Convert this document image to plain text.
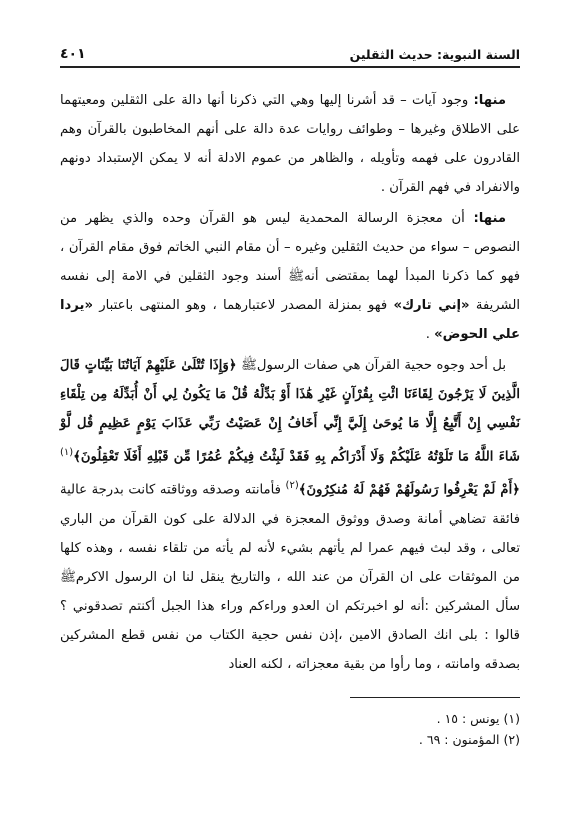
السنة النبوية: حديث الثقلين
٤٠١

منها: وجود آيات – قد أشرنا إليها وهي التي ذكرنا أنها دالة على الثقلين ومعيتهما على الاطلاق وغيرها – وطوائف روايات عدة دالة على أنهم المخاطبون بالقرآن وهم القادرون على فهمه وتأويله ، والظاهر من عموم الادلة أنه لا يمكن الإستبداد دونهم والانفراد في فهم القرآن .

منها: أن معجزة الرسالة المحمدية ليس هو القرآن وحده والذي يظهر من النصوص – سواء من حديث الثقلين وغيره – أن مقام النبي الخاتم فوق مقام القرآن ، فهو كما ذكرنا المبدأ لهما بمقتضى أنهﷺ أسند وجود الثقلين في الامة إلى نفسه الشريفة «إني تارك» فهو بمنزلة المصدر لاعتبارهما ، وهو المنتهى باعتبار «يردا علي الحوض» .

بل أحد وجوه حجية القرآن هي صفات الرسولﷺ ﴿وَإِذَا تُتْلَىٰ عَلَيْهِمْ آيَاتُنَا بَيِّنَاتٍ قَالَ الَّذِينَ لَا يَرْجُونَ لِقَاءَنَا ائْتِ بِقُرْآنٍ غَيْرِ هَٰذَا أَوْ بَدِّلْهُ قُلْ مَا يَكُونُ لِي أَنْ أُبَدِّلَهُ مِن تِلْقَاءِ نَفْسِي إِنْ أَتَّبِعُ إِلَّا مَا يُوحَىٰ إِلَيَّ إِنِّي أَخَافُ إِنْ عَصَيْتُ رَبِّي عَذَابَ يَوْمٍ عَظِيمٍ قُل لَّوْ شَاءَ اللَّهُ مَا تَلَوْتُهُ عَلَيْكُمْ وَلَا أَدْرَاكُم بِهِ فَقَدْ لَبِثْتُ فِيكُمْ عُمُرًا مِّن قَبْلِهِ أَفَلَا تَعْقِلُونَ﴾$^{(١)}$ ﴿أَمْ لَمْ يَعْرِفُوا رَسُولَهُمْ فَهُمْ لَهُ مُنكِرُونَ﴾$^{(٢)}$ فأمانته وصدقه ووثاقته كانت بدرجة عالية فائقة تضاهي أمانة وصدق ووثوق المعجزة في الدلالة على كون القرآن من الباري تعالى ، وقد لبث فيهم عمرا لم يأتهم بشيء لأنه لم يأته من تلقاء نفسه ، وهذه كلها من الموثقات على ان القرآن من عند الله ، والتاريخ ينقل لنا ان الرسول الاكرمﷺ سأل المشركين :أنه لو اخبرتكم ان العدو وراءكم وراء هذا الجبل أكنتم تصدقوني ؟ قالوا : بلى انك الصادق الامين ،إذن نفس حجية الكتاب من نفس قطع المشركين بصدقه وامانته ، وما رأوا من بقية معجزاته ، لكنه العناد

(١) يونس : ١٥ .
(٢) المؤمنون : ٦٩ .
